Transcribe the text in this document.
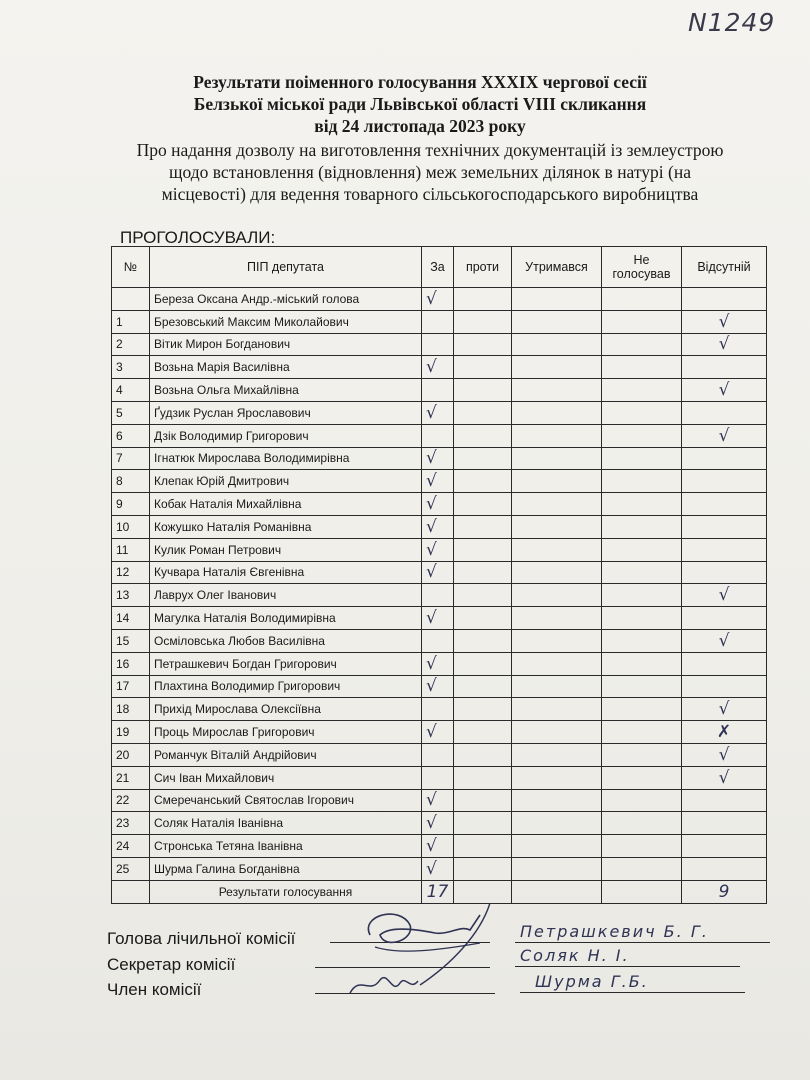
N1249
Результати поіменного голосування XXXIX чергової сесії
Белзької міської ради Львівської області VIII скликання
від 24 листопада 2023 року
Про надання дозволу на виготовлення технічних документацій із землеустрою
щодо встановлення (відновлення) меж земельних ділянок в натурі (на
місцевості) для ведення товарного сільськогосподарського виробництва
ПРОГОЛОСУВАЛИ:
№	ПІП депутата	За	проти	Утримався	Не голосував	Відсутній
	Береза Оксана Андр.-міський голова	√				
1	Брезовський Максим Миколайович					√
2	Вітик Мирон Богданович					√
3	Возьна Марія Василівна	√				
4	Возьна Ольга Михайлівна					√
5	Ґудзик Руслан Ярославович	√				
6	Дзік Володимир Григорович					√
7	Ігнатюк Мирослава Володимирівна	√				
8	Клепак Юрій Дмитрович	√				
9	Кобак Наталія Михайлівна	√				
10	Кожушко Наталія Романівна	√				
11	Кулик Роман Петрович	√				
12	Кучвара Наталія Євгенівна	√				
13	Лаврух Олег Іванович					√
14	Магулка Наталія Володимирівна	√				
15	Осміловська Любов Василівна					√
16	Петрашкевич Богдан Григорович	√				
17	Плахтина Володимир Григорович	√				
18	Прихід Мирослава Олексіївна					√
19	Проць Мирослав Григорович	√				✗
20	Романчук Віталій Андрійович					√
21	Сич Іван Михайлович					√
22	Смеречанський Святослав Ігорович	√				
23	Соляк Наталія Іванівна	√				
24	Стронська Тетяна Іванівна	√				
25	Шурма Галина Богданівна	√				
	Результати голосування	17				9
Голова лічильної комісії
Секретар комісії
Член комісії
Петрашкевич Б. Г.
Соляк Н. І.
Шурма Г.Б.
